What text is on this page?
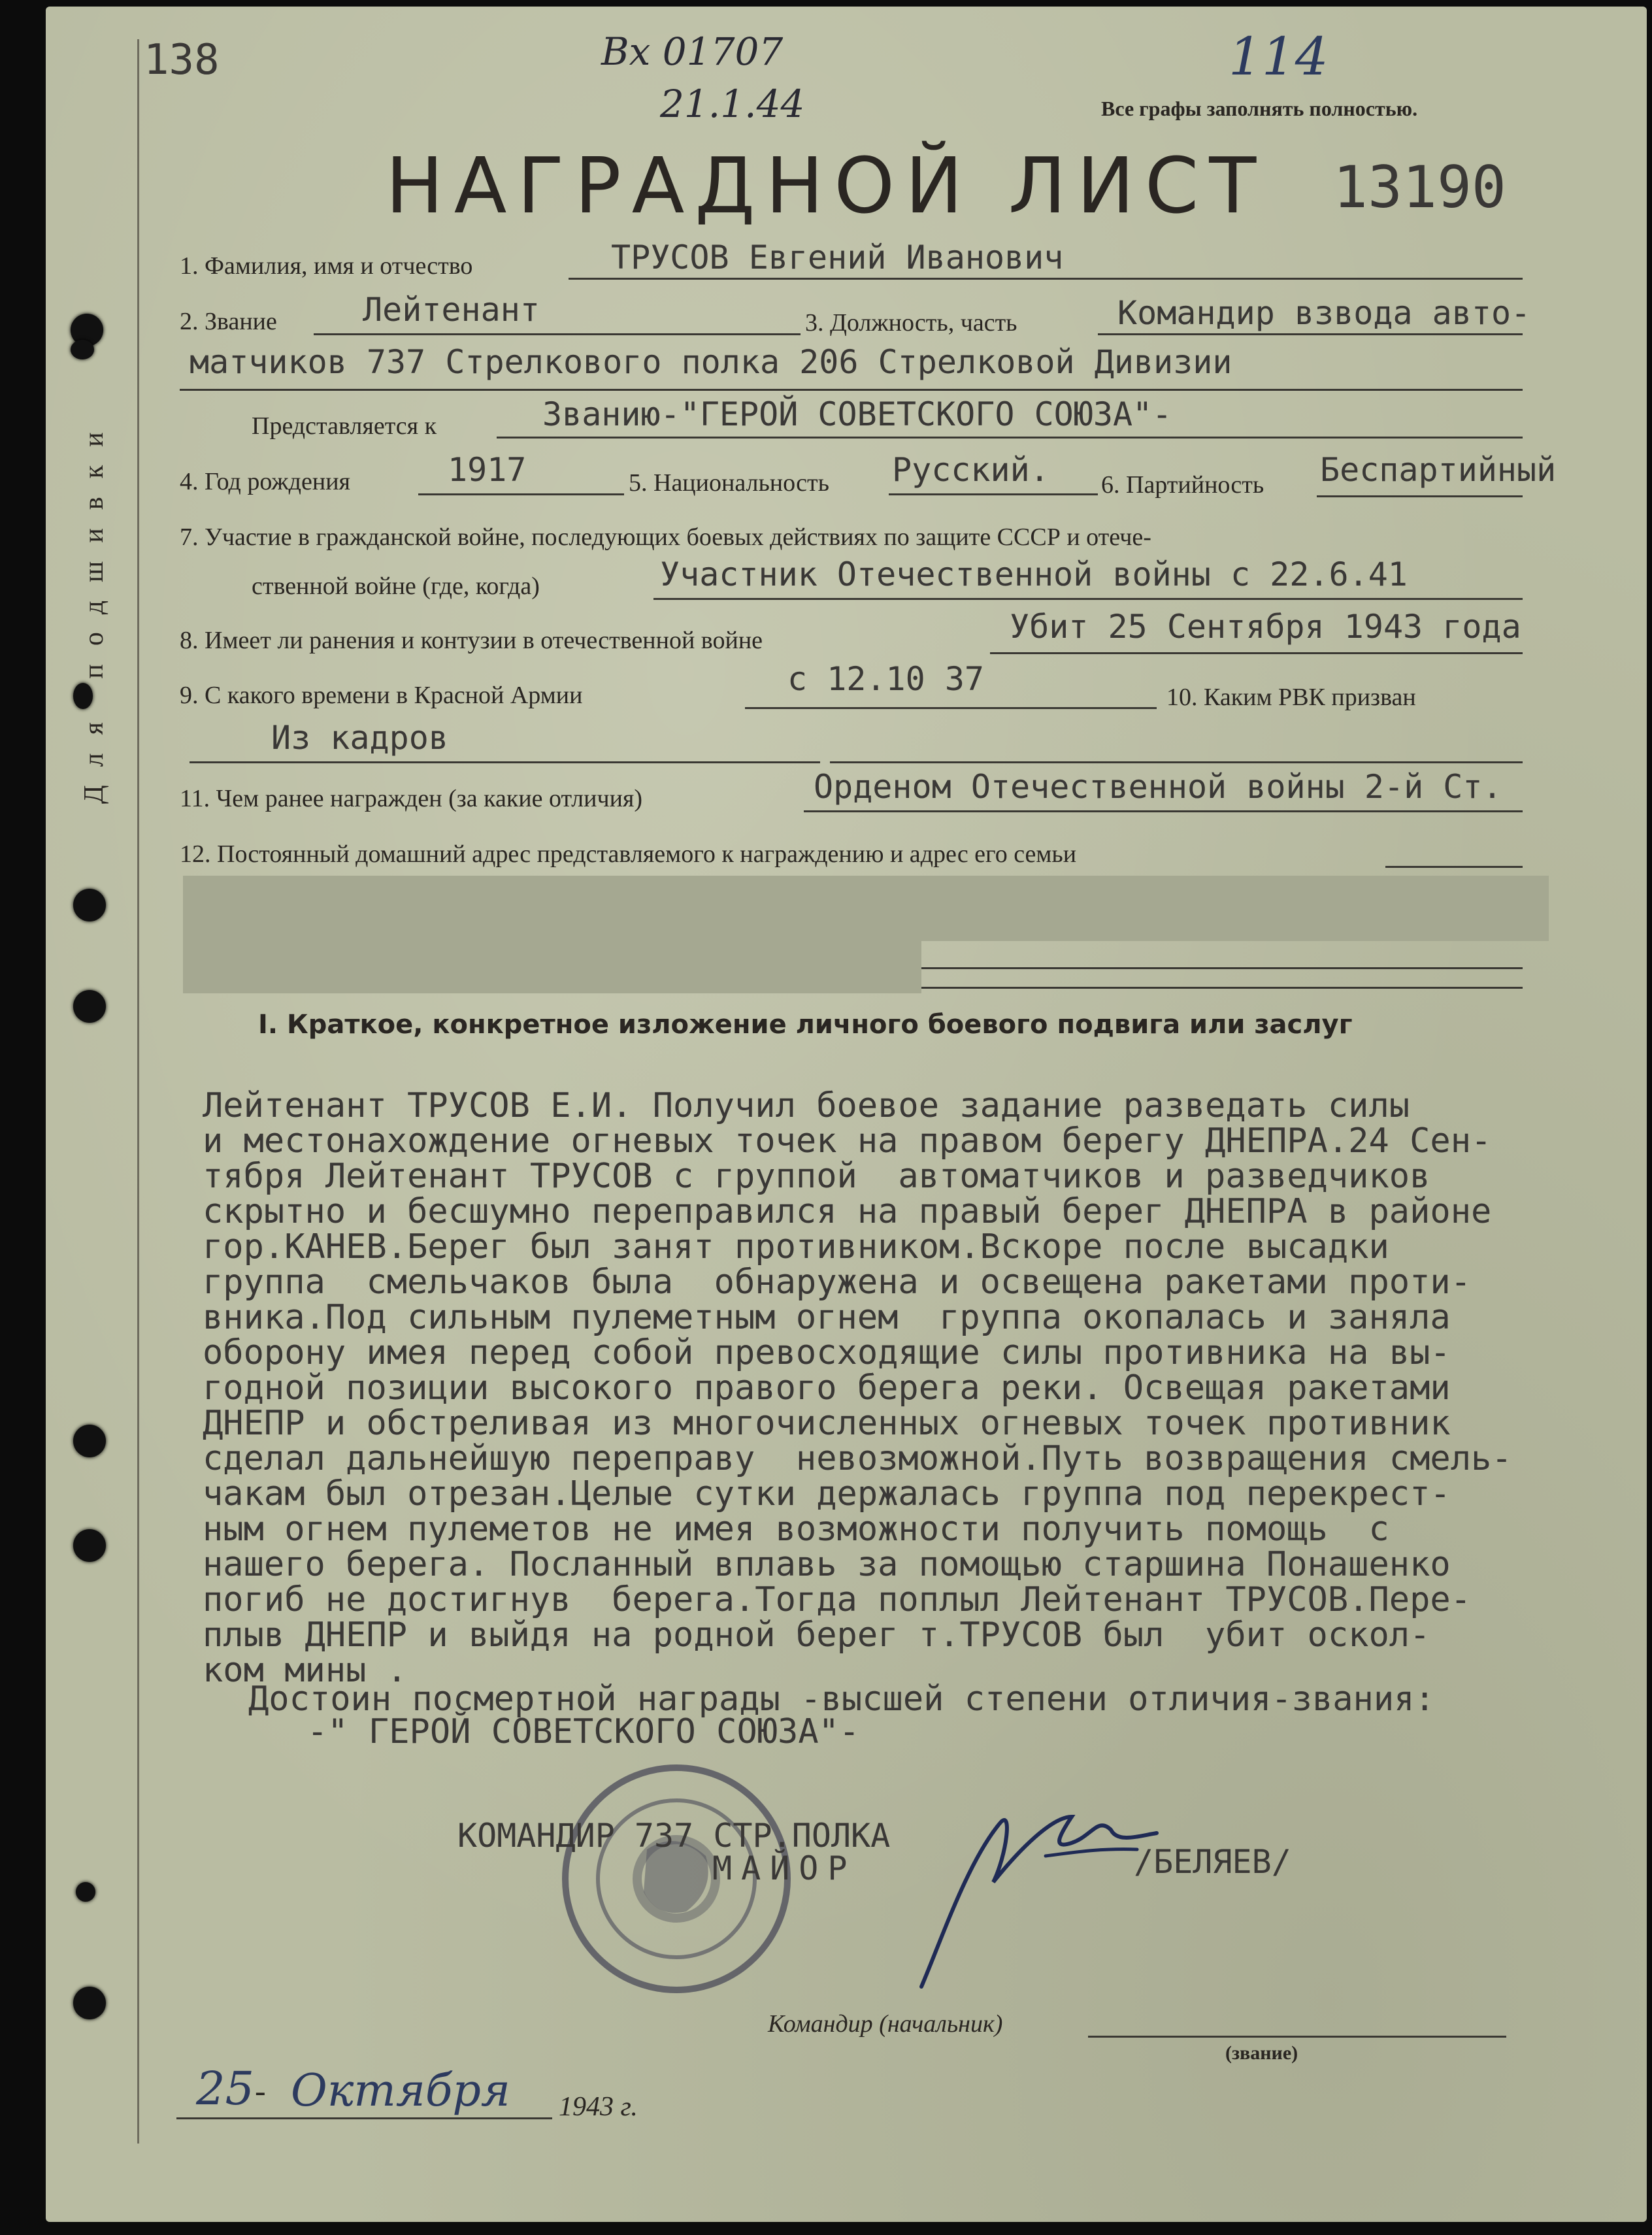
138	Вх 01707
21.1.44
114
Все графы заполнять полностью.
НАГРАДНОЙ ЛИСТ 13190
1. Фамилия, имя и отчество	ТРУСОВ Евгений Иванович
2. Звание	Лейтенант	3. Должность, часть	Командир взвода авто-
матчиков 737 Стрелкового полка 206 Стрелковой Дивизии
Представляется к	Званию-"ГЕРОЙ СОВЕТСКОГО СОЮЗА"-
4. Год рождения	1917	5. Национальность Русский. 6. Партийность Беспартийный
7. Участие в гражданской войне, последующих боевых действиях по защите СССР и отече-
ственной войне (где, когда)	Участник Отечественной войны с 22.6.41
8. Имеет ли ранения и контузии в отечественной войне	Убит 25 Сентября 1943 года
9. С какого времени в Красной Армии	с 12.10 37	10. Каким РВК призван
Из кадров
11. Чем ранее награжден (за какие отличия)	Орденом Отечественной войны 2-й Ст.
12. Постоянный домашний адрес представляемого к награждению и адрес его семьи
Для подшивки
I. Краткое, конкретное изложение личного боевого подвига или заслуг
Лейтенант ТРУСОВ Е.И. Получил боевое задание разведать силы
и местонахождение огневых точек на правом берегу ДНЕПРА.24 Сен-
тября Лейтенант ТРУСОВ с группой  автоматчиков и разведчиков
скрытно и бесшумно переправился на правый берег ДНЕПРА в районе
гор.КАНЕВ.Берег был занят противником.Вскоре после высадки
группа  смельчаков была  обнаружена и освещена ракетами проти-
вника.Под сильным пулеметным огнем  группа окопалась и заняла
оборону имея перед собой превосходящие силы противника на вы-
годной позиции высокого правого берега реки. Освещая ракетами
ДНЕПР и обстреливая из многочисленных огневых точек противник
сделал дальнейшую переправу  невозможной.Путь возвращения смель-
чакам был отрезан.Целые сутки держалась группа под перекрест-
ным огнем пулеметов не имея возможности получить помощь  с
нашего берега. Посланный вплавь за помощью старшина Понашенко
погиб не достигнув  берега.Тогда поплыл Лейтенант ТРУСОВ.Пере-
плыв ДНЕПР и выйдя на родной берег т.ТРУСОВ был  убит оскол-
ком мины .
Достоин посмертной награды -высшей степени отличия-звания:
-" ГЕРОЙ СОВЕТСКОГО СОЮЗА"-
КОМАНДИР 737 СТР.ПОЛКА
МАЙОР	/БЕЛЯЕВ/
Командир (начальник)
(звание)
25 - Октября 1943 г.
